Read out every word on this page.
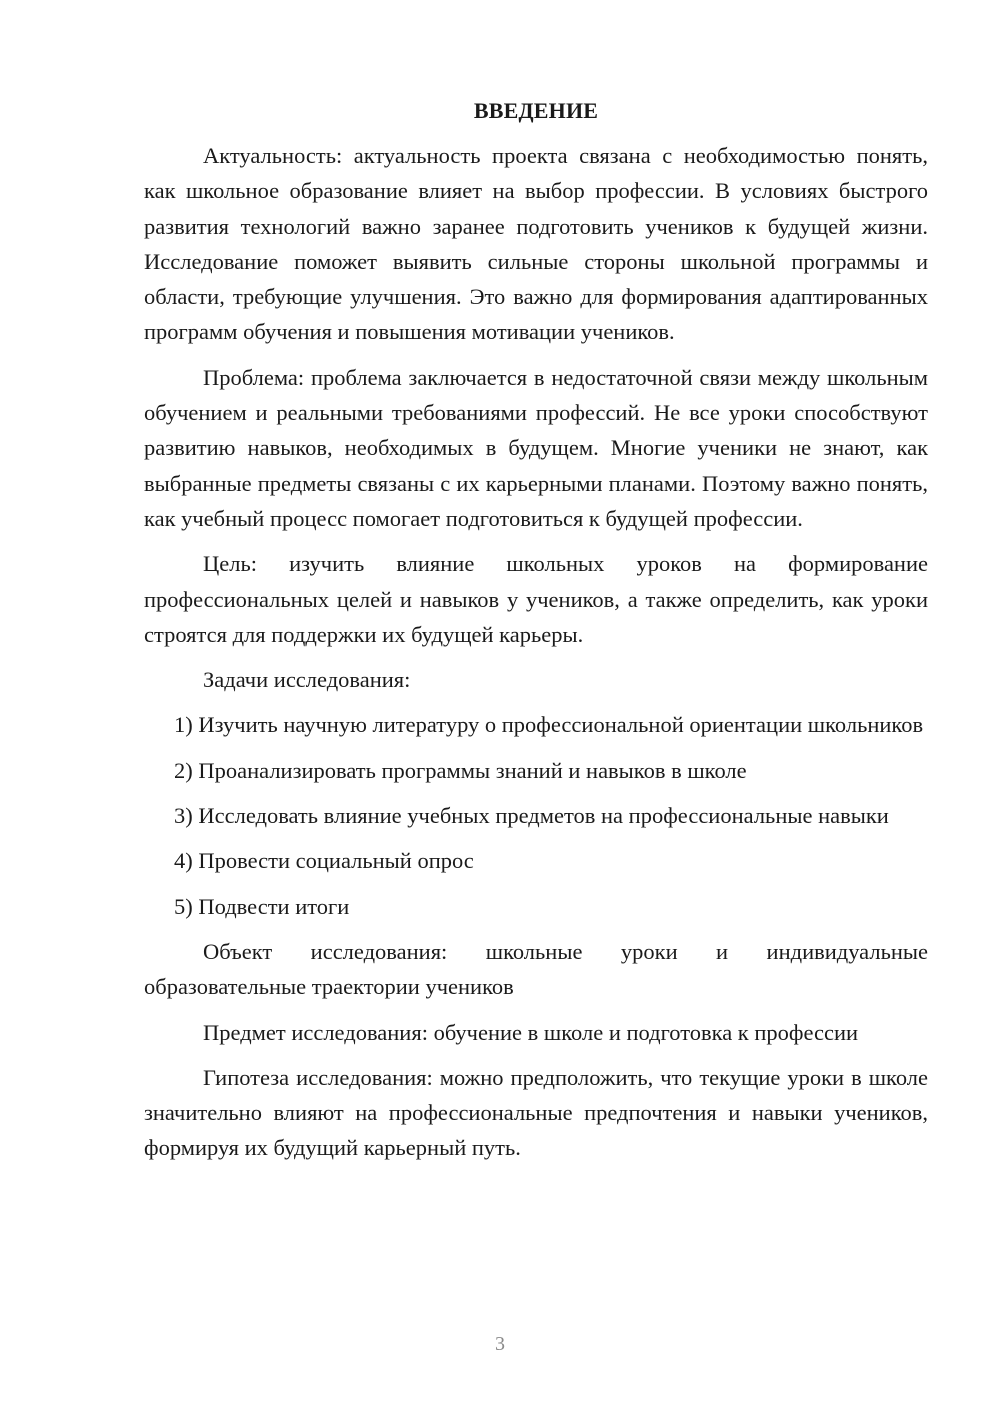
ВВЕДЕНИЕ

Актуальность: актуальность проекта связана с необходимостью понять, как школьное образование влияет на выбор профессии. В условиях быстрого развития технологий важно заранее подготовить учеников к будущей жизни. Исследование поможет выявить сильные стороны школьной программы и области, требующие улучшения. Это важно для формирования адаптированных программ обучения и повышения мотивации учеников.

Проблема: проблема заключается в недостаточной связи между школьным обучением и реальными требованиями профессий. Не все уроки способствуют развитию навыков, необходимых в будущем. Многие ученики не знают, как выбранные предметы связаны с их карьерными планами. Поэтому важно понять, как учебный процесс помогает подготовиться к будущей профессии.

Цель: изучить влияние школьных уроков на формирование профессиональных целей и навыков у учеников, а также определить, как уроки строятся для поддержки их будущей карьеры.

Задачи исследования:

1) Изучить научную литературу о профессиональной ориентации школьников

2) Проанализировать программы знаний и навыков в школе

3) Исследовать влияние учебных предметов на профессиональные навыки

4) Провести социальный опрос

5) Подвести итоги

Объект исследования: школьные уроки и индивидуальные образовательные траектории учеников

Предмет исследования: обучение в школе и подготовка к профессии

Гипотеза исследования: можно предположить, что текущие уроки в школе значительно влияют на профессиональные предпочтения и навыки учеников, формируя их будущий карьерный путь.

3
